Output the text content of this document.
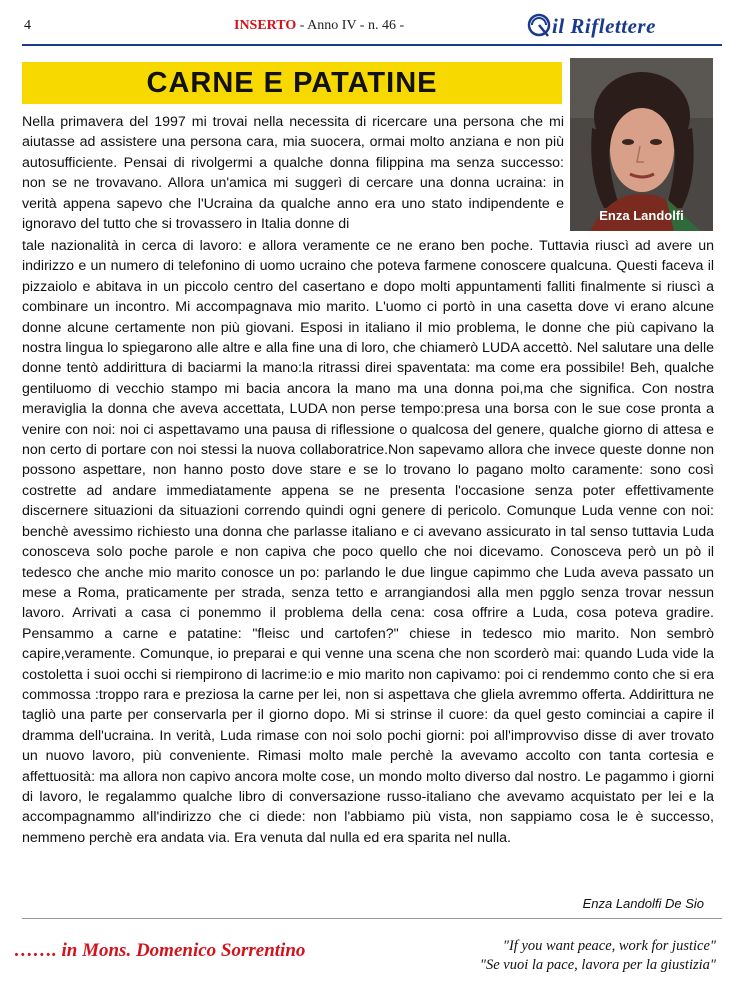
4	INSERTO - Anno IV - n. 46 -	il Riflettere
CARNE E PATATINE
Enza Landolfi

Nella primavera del 1997 mi trovai nella necessita di ricercare una persona che mi aiutasse ad assistere una persona cara, mia suocera, ormai molto anziana e non più autosufficiente. Pensai di rivolgermi a qualche donna filippina ma senza successo: non se ne trovavano. Allora un'amica mi suggerì di cercare una donna ucraina: in verità appena sapevo che l'Ucraina da qualche anno era uno stato indipendente e ignoravo del tutto che si trovassero in Italia donne di

tale nazionalità in cerca di lavoro: e allora veramente ce ne erano ben poche. Tuttavia riuscì ad avere un indirizzo e un numero di telefonino di uomo ucraino che poteva farmene conoscere qualcuna. Questi faceva il pizzaiolo e abitava in un piccolo centro del casertano e dopo molti appuntamenti falliti finalmente si riuscì a combinare un incontro. Mi accompagnava mio marito. L'uomo ci portò in una casetta dove vi erano alcune donne alcune certamente non più giovani. Esposi in italiano il mio problema, le donne che più capivano la nostra lingua lo spiegarono alle altre e alla fine una di loro, che chiamerò LUDA accettò. Nel salutare una delle donne tentò addirittura di baciarmi la mano:la ritrassi direi spaventata: ma come era possibile! Beh, qualche gentiluomo di vecchio stampo mi bacia ancora la mano ma una donna poi,ma che significa. Con nostra meraviglia la donna che aveva accettata, LUDA non perse tempo:presa una borsa con le sue cose pronta a venire con noi: noi ci aspettavamo una pausa di riflessione o qualcosa del genere, qualche giorno di attesa e non certo di portare con noi stessi la nuova collaboratrice.Non sapevamo allora che invece queste donne non possono aspettare, non hanno posto dove stare e se lo trovano lo pagano molto caramente: sono così costrette ad andare immediatamente appena se ne presenta l'occasione senza poter effettivamente discernere situazioni da situazioni correndo quindi ogni genere di pericolo. Comunque Luda venne con noi: benchè avessimo richiesto una donna che parlasse italiano e ci avevano assicurato in tal senso tuttavia Luda conosceva solo poche parole e non capiva che poco quello che noi dicevamo. Conosceva però un pò il tedesco che anche mio marito conosce un po: parlando le due lingue capimmo che Luda aveva passato un mese a Roma, praticamente per strada, senza tetto e arrangiandosi alla men pgglo senza trovar nessun lavoro. Arrivati a casa ci ponemmo il problema della cena: cosa offrire a Luda, cosa poteva gradire. Pensammo a carne e patatine: "fleisc und cartofen?" chiese in tedesco mio marito. Non sembrò capire,veramente. Comunque, io preparai e qui venne una scena che non scorderò mai: quando Luda vide la costoletta i suoi occhi si riempirono di lacrime:io e mio marito non capivamo: poi ci rendemmo conto che si era commossa :troppo rara e preziosa la carne per lei, non si aspettava che gliela avremmo offerta. Addirittura ne tagliò una parte per conservarla per il giorno dopo. Mi si strinse il cuore: da quel gesto cominciai a capire il dramma dell'ucraina. In verità, Luda rimase con noi solo pochi giorni: poi all'improvviso disse di aver trovato un nuovo lavoro, più conveniente. Rimasi molto male perchè la avevamo accolto con tanta cortesia e affettuosità: ma allora non capivo ancora molte cose, un mondo molto diverso dal nostro. Le pagammo i giorni di lavoro, le regalammo qualche libro di conversazione russo-italiano che avevamo acquistato per lei e la accompagnammo all'indirizzo che ci diede: non l'abbiamo più vista, non sappiamo cosa le è successo, nemmeno perchè era andata via. Era venuta dal nulla ed era sparita nel nulla.

Enza Landolfi De Sio
……. in Mons. Domenico Sorrentino	"If you want peace, work for justice"
"Se vuoi la pace, lavora per la giustizia"
